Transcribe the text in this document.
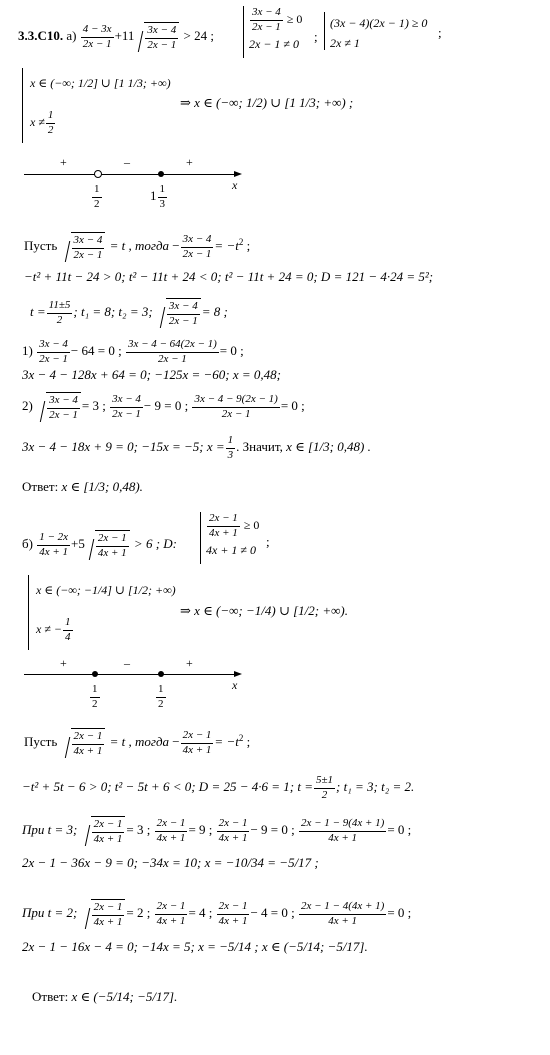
3.3.C10. $а) \frac{4 - 3x}{2x - 1} +11 \frac{3x - 4}{2x - 1} > 24$ ;
$\frac{3x - 4}{2x - 1} \ge 0$
2x − 1 ≠ 0 ;
(3x − 4)(2x − 1) ≥ 0
2x ≠ 1
;
x ∈ (−∞; 1/2] ∪ [1 1/3; +∞)
$x \ne \frac{1}{2}$
⇒ x ∈ (−∞; 1/2) ∪ [1 1/3; +∞) ;
+	–	+
x
$\frac{1}{2}$	$1 \frac{1}{3}$
Пусть $\frac{3x - 4}{2x - 1} = t$ , тогда − $\frac{3x - 4}{2x - 1} = -t^2$ ;
−t² + 11t − 24 > 0; t² − 11t + 24 < 0; t² − 11t + 24 = 0; D = 121 − 4·24 = 5²;
$t = \frac{11\pm 5}{2}$ ; t₁ = 8; t₂ = 3; $\frac{3x - 4}{2x - 1} = 8$ ;
$1) \frac{3x - 4}{2x - 1} - 64 = 0$ ; $\frac{3x - 4 - 64(2x - 1)}{2x - 1} = 0$ ;
3x − 4 − 128x + 64 = 0; −125x = −60; x = 0,48;
$2) \frac{3x - 4}{2x - 1} = 3$ ; $\frac{3x - 4}{2x - 1} - 9 = 0$ ; $\frac{3x - 4 - 9(2x - 1)}{2x - 1} = 0$ ;
3x − 4 − 18x + 9 = 0; −15x = −5; $x = \frac{1}{3}$ . Значит, x ∈ [1/3; 0,48) .
Ответ: x ∈ [1/3; 0,48).
$б) \frac{1 - 2x}{4x + 1} +5 \frac{2x - 1}{4x + 1} > 6$ ; D:
$\frac{2x - 1}{4x + 1} \ge 0$
4x + 1 ≠ 0
;
x ∈ (−∞; −1/4] ∪ [1/2; +∞)
x ≠ − $\frac{1}{4}$
⇒ x ∈ (−∞; −1/4) ∪ [1/2; +∞).
+	–	+
x
$\frac{1}{2}$	$\frac{1}{2}$
Пусть $\frac{2x - 1}{4x + 1} = t$ , тогда − $\frac{2x - 1}{4x + 1} = -t^2$ ;
−t² + 5t − 6 > 0; t² − 5t + 6 < 0; D = 25 − 4·6 = 1; $t = \frac{5\pm 1}{2}$ ; t₁ = 3; t₂ = 2.
При t = 3; $\frac{2x - 1}{4x + 1} = 3$ ; $\frac{2x - 1}{4x + 1} = 9$ ; $\frac{2x - 1}{4x + 1} - 9 = 0$ ; $\frac{2x - 1 - 9(4x + 1)}{4x + 1} = 0$ ;
2x − 1 − 36x − 9 = 0; −34x = 10; x = −10/34 = −5/17 ;
При t = 2; $\frac{2x - 1}{4x + 1} = 2$ ; $\frac{2x - 1}{4x + 1} = 4$ ; $\frac{2x - 1}{4x + 1} - 4 = 0$ ; $\frac{2x - 1 - 4(4x + 1)}{4x + 1} = 0$ ;
2x − 1 − 16x − 4 = 0; −14x = 5; x = −5/14 ; x ∈ (−5/14; −5/17].
Ответ: x ∈ (−5/14; −5/17].
